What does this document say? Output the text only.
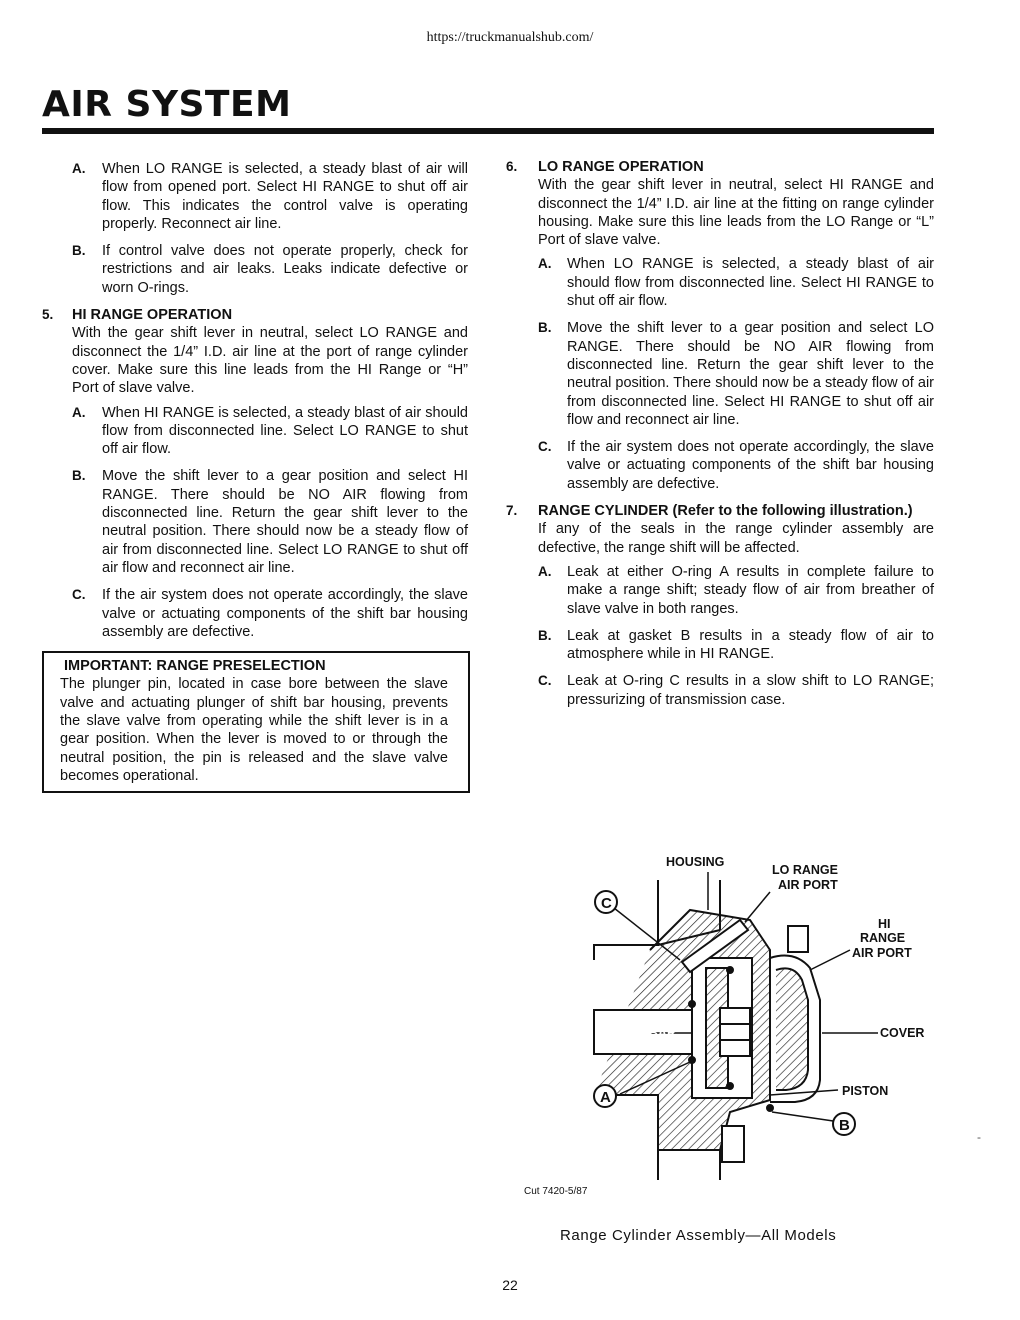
https://truckmanualshub.com/
AIR SYSTEM
A. When LO RANGE is selected, a steady blast of air will flow from opened port. Select HI RANGE to shut off air flow. This indicates the control valve is operating properly. Reconnect air line.
B. If control valve does not operate properly, check for restrictions and air leaks. Leaks indicate defective or worn O-rings.
5. HI RANGE OPERATION
With the gear shift lever in neutral, select LO RANGE and disconnect the 1/4” I.D. air line at the port of range cylinder cover. Make sure this line leads from the HI Range or “H” Port of slave valve.
A. When HI RANGE is selected, a steady blast of air should flow from disconnected line. Select LO RANGE to shut off air flow.
B. Move the shift lever to a gear position and select HI RANGE. There should be NO AIR flowing from disconnected line. Return the gear shift lever to the neutral position. There should now be a steady flow of air from disconnected line. Select LO RANGE to shut off air flow and reconnect air line.
C. If the air system does not operate accordingly, the slave valve or actuating components of the shift bar housing assembly are defective.
IMPORTANT: RANGE PRESELECTION
The plunger pin, located in case bore between the slave valve and actuating plunger of shift bar housing, prevents the slave valve from operating while the shift lever is in a gear position. When the lever is moved to or through the neutral position, the pin is released and the slave valve becomes operational.
6. LO RANGE OPERATION
With the gear shift lever in neutral, select HI RANGE and disconnect the 1/4” I.D. air line at the fitting on range cylinder housing. Make sure this line leads from the LO Range or “L” Port of slave valve.
A. When LO RANGE is selected, a steady blast of air should flow from disconnected line. Select HI RANGE to shut off air flow.
B. Move the shift lever to a gear position and select LO RANGE. There should be NO AIR flowing from disconnected line. Return the gear shift lever to the neutral position. There should now be a steady flow of air from disconnected line. Select HI RANGE to shut off air flow and reconnect air line.
C. If the air system does not operate accordingly, the slave valve or actuating components of the shift bar housing assembly are defective.
7. RANGE CYLINDER (Refer to the following illustration.)
If any of the seals in the range cylinder assembly are defective, the range shift will be affected.
A. Leak at either O-ring A results in complete failure to make a range shift; steady flow of air from breather of slave valve in both ranges.
B. Leak at gasket B results in a steady flow of air to atmosphere while in HI RANGE.
C. Leak at O-ring C results in a slow shift to LO RANGE; pressurizing of transmission case.
HOUSING
LO RANGE
AIR PORT
HI
RANGE
AIR PORT
YOKE BAR	COVER
PISTON
C
A
B
Cut 7420-5/87
Range Cylinder Assembly—All Models
-
22
